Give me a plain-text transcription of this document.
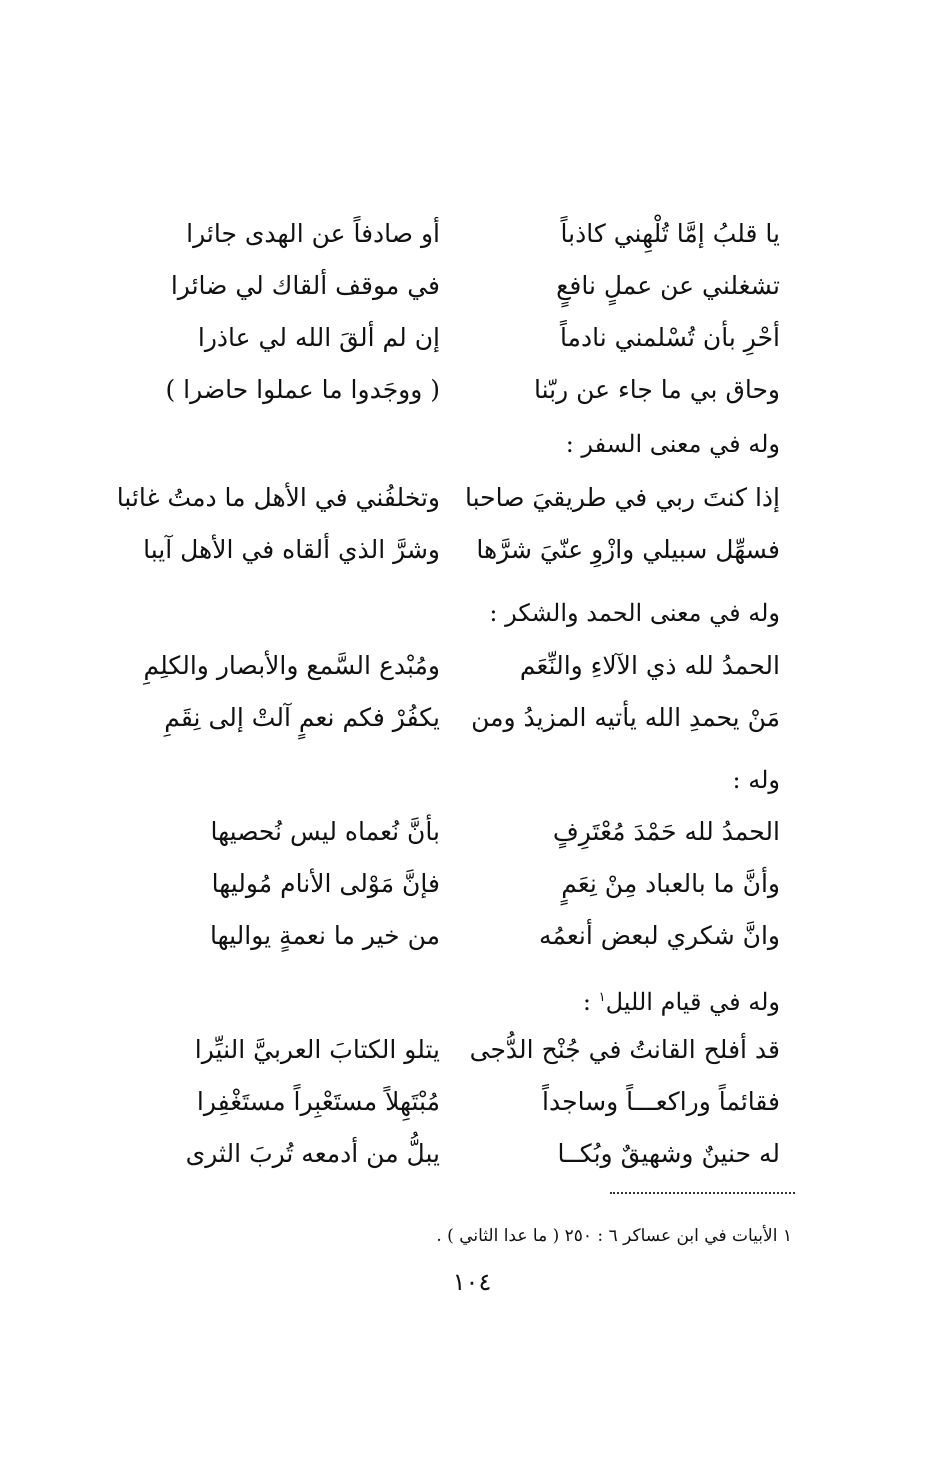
يا قلبُ إمَّا تُلْهِني كاذباً
أو صادفاً عن الهدى جائرا
تشغلني عن عملٍ نافعٍ
في موقف ألقاك لي ضائرا
أحْرِ بأن تُسْلمني نادماً
إن لم ألقَ الله لي عاذرا
وحاق بي ما جاء عن ربّنا
( ووجَدوا ما عملوا حاضرا )
وله في معنى السفر :
إذا كنتَ ربي في طريقيَ صاحبا
وتخلفُني في الأهل ما دمتُ غائبا
فسهِّل سبيلي وازْوِ عنّيَ شرَّها
وشرَّ الذي ألقاه في الأهل آيبا
وله في معنى الحمد والشكر :
الحمدُ لله ذي الآلاءِ والنِّعَم
ومُبْدع السَّمع والأبصار والكلِمِ
مَنْ يحمدِ الله يأتيه المزيدُ ومن
يكفُرْ فكم نعمٍ آلتْ إلى نِقَمِ
وله :
الحمدُ لله حَمْدَ مُعْتَرِفٍ
بأنَّ نُعماه ليس نُحصيها
وأنَّ ما بالعباد مِنْ نِعَمٍ
فإنَّ مَوْلى الأنام مُوليها
وانَّ شكري لبعض أنعمُه
من خير ما نعمةٍ يواليها
وله في قيام الليل$^١$ :
قد أفلح القانتُ في جُنْح الدُّجى
يتلو الكتابَ العربيَّ النيِّرا
فقائماً وراكعـــاً وساجداً
مُبْتَهِلاً مستَعْبِراً مستَغْفِرا
له حنينٌ وشهيقٌ وبُكــا
يبلُّ من أدمعه تُربَ الثرى
١ الأبيات في ابن عساكر ٦ : ٢٥٠ ( ما عدا الثاني ) .
١٠٤
